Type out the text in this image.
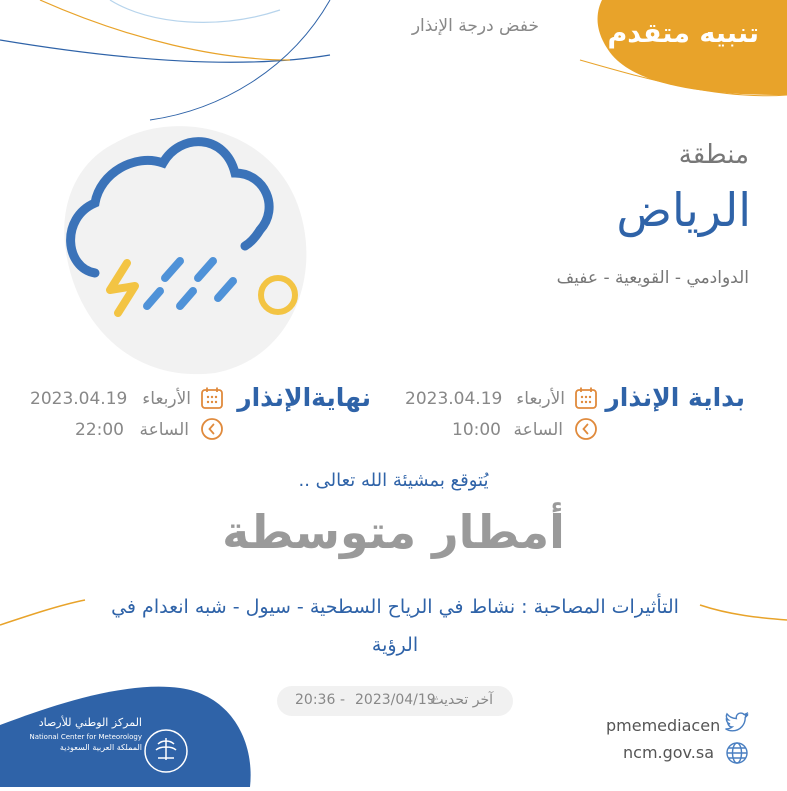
تنبيه متقدم
خفض درجة الإنذار
منطقة
الرياض
الدوادمي - القويعية - عفيف
بداية الإنذار
الأربعاء
2023.04.19
الساعة
10:00
نهايةالإنذار
الأربعاء
2023.04.19
الساعة
22:00
يُتوقع بمشيئة الله تعالى ..
أمطار متوسطة
التأثيرات المصاحبة : نشاط في الرياح السطحية - سيول - شبه انعدام في الرؤية
آخر تحديث
2023/04/19
-
20:36
pmemediacen
ncm.gov.sa
المركز الوطني للأرصاد
National Center for Meteorology
المملكة العربية السعودية
